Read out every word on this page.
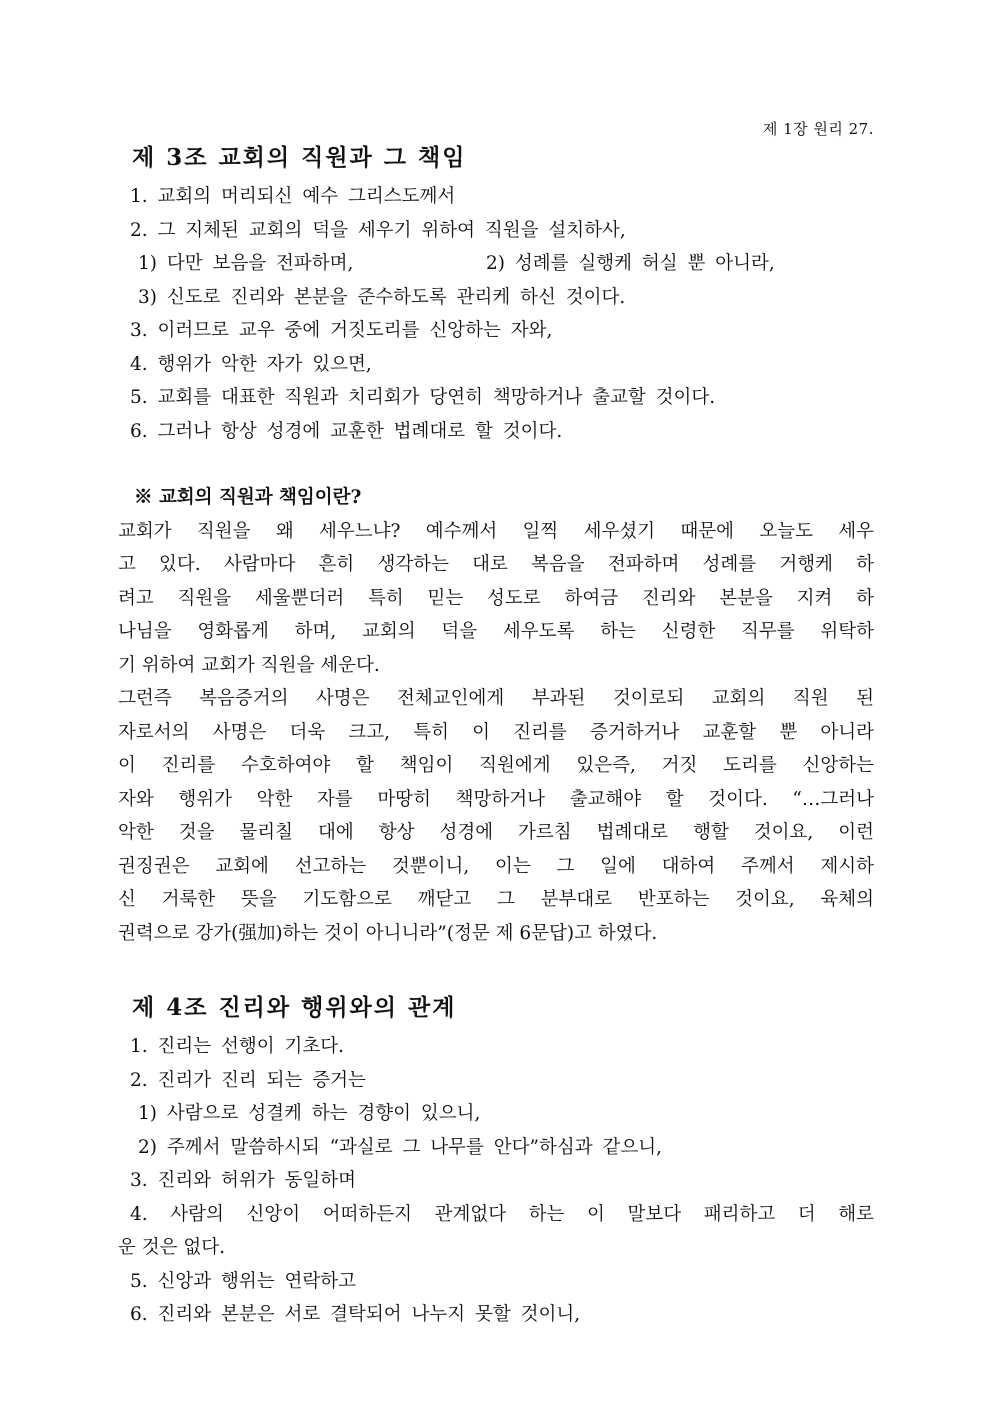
제 1장 원리 27.
제 3조 교회의 직원과 그 책임

1. 교회의 머리되신 예수 그리스도께서

2. 그 지체된 교회의 덕을 세우기 위하여 직원을 설치하사,

1) 다만 보음을 전파하며,	2) 성례를 실행케 허실 뿐 아니라,

3) 신도로 진리와 본분을 준수하도록 관리케 하신 것이다.

3. 이러므로 교우 중에 거짓도리를 신앙하는 자와,

4. 행위가 악한 자가 있으면,

5. 교회를 대표한 직원과 치리회가 당연히 책망하거나 출교할 것이다.

6. 그러나 항상 성경에 교훈한 법례대로 할 것이다.

※ 교회의 직원과 책임이란?

교회가 직원을 왜 세우느냐? 예수께서 일찍 세우셨기 때문에 오늘도 세우

고 있다. 사람마다 흔히 생각하는 대로 복음을 전파하며 성례를 거행케 하

려고 직원을 세울뿐더러 특히 믿는 성도로 하여금 진리와 본분을 지켜 하

나님을 영화롭게 하며, 교회의 덕을 세우도록 하는 신령한 직무를 위탁하

기 위하여 교회가 직원을 세운다.

그런즉 복음증거의 사명은 전체교인에게 부과된 것이로되 교회의 직원 된

자로서의 사명은 더욱 크고, 특히 이 진리를 증거하거나 교훈할 뿐 아니라

이 진리를 수호하여야 할 책임이 직원에게 있은즉, 거짓 도리를 신앙하는

자와 행위가 악한 자를 마땅히 책망하거나 출교해야 할 것이다. “…그러나

악한 것을 물리칠 대에 항상 성경에 가르침 법례대로 행할 것이요, 이런

권징권은 교회에 선고하는 것뿐이니, 이는 그 일에 대하여 주께서 제시하

신 거룩한 뜻을 기도함으로 깨닫고 그 분부대로 반포하는 것이요, 육체의

권력으로 강가(强加)하는 것이 아니니라”(정문 제 6문답)고 하였다.

제 4조 진리와 행위와의 관계

1. 진리는 선행이 기초다.

2. 진리가 진리 되는 증거는

1) 사람으로 성결케 하는 경향이 있으니,

2) 주께서 말씀하시되 “과실로 그 나무를 안다”하심과 같으니,

3. 진리와 허위가 동일하며

4. 사람의 신앙이 어떠하든지 관계없다 하는 이 말보다 패리하고 더 해로

운 것은 없다.

5. 신앙과 행위는 연락하고

6. 진리와 본분은 서로 결탁되어 나누지 못할 것이니,
